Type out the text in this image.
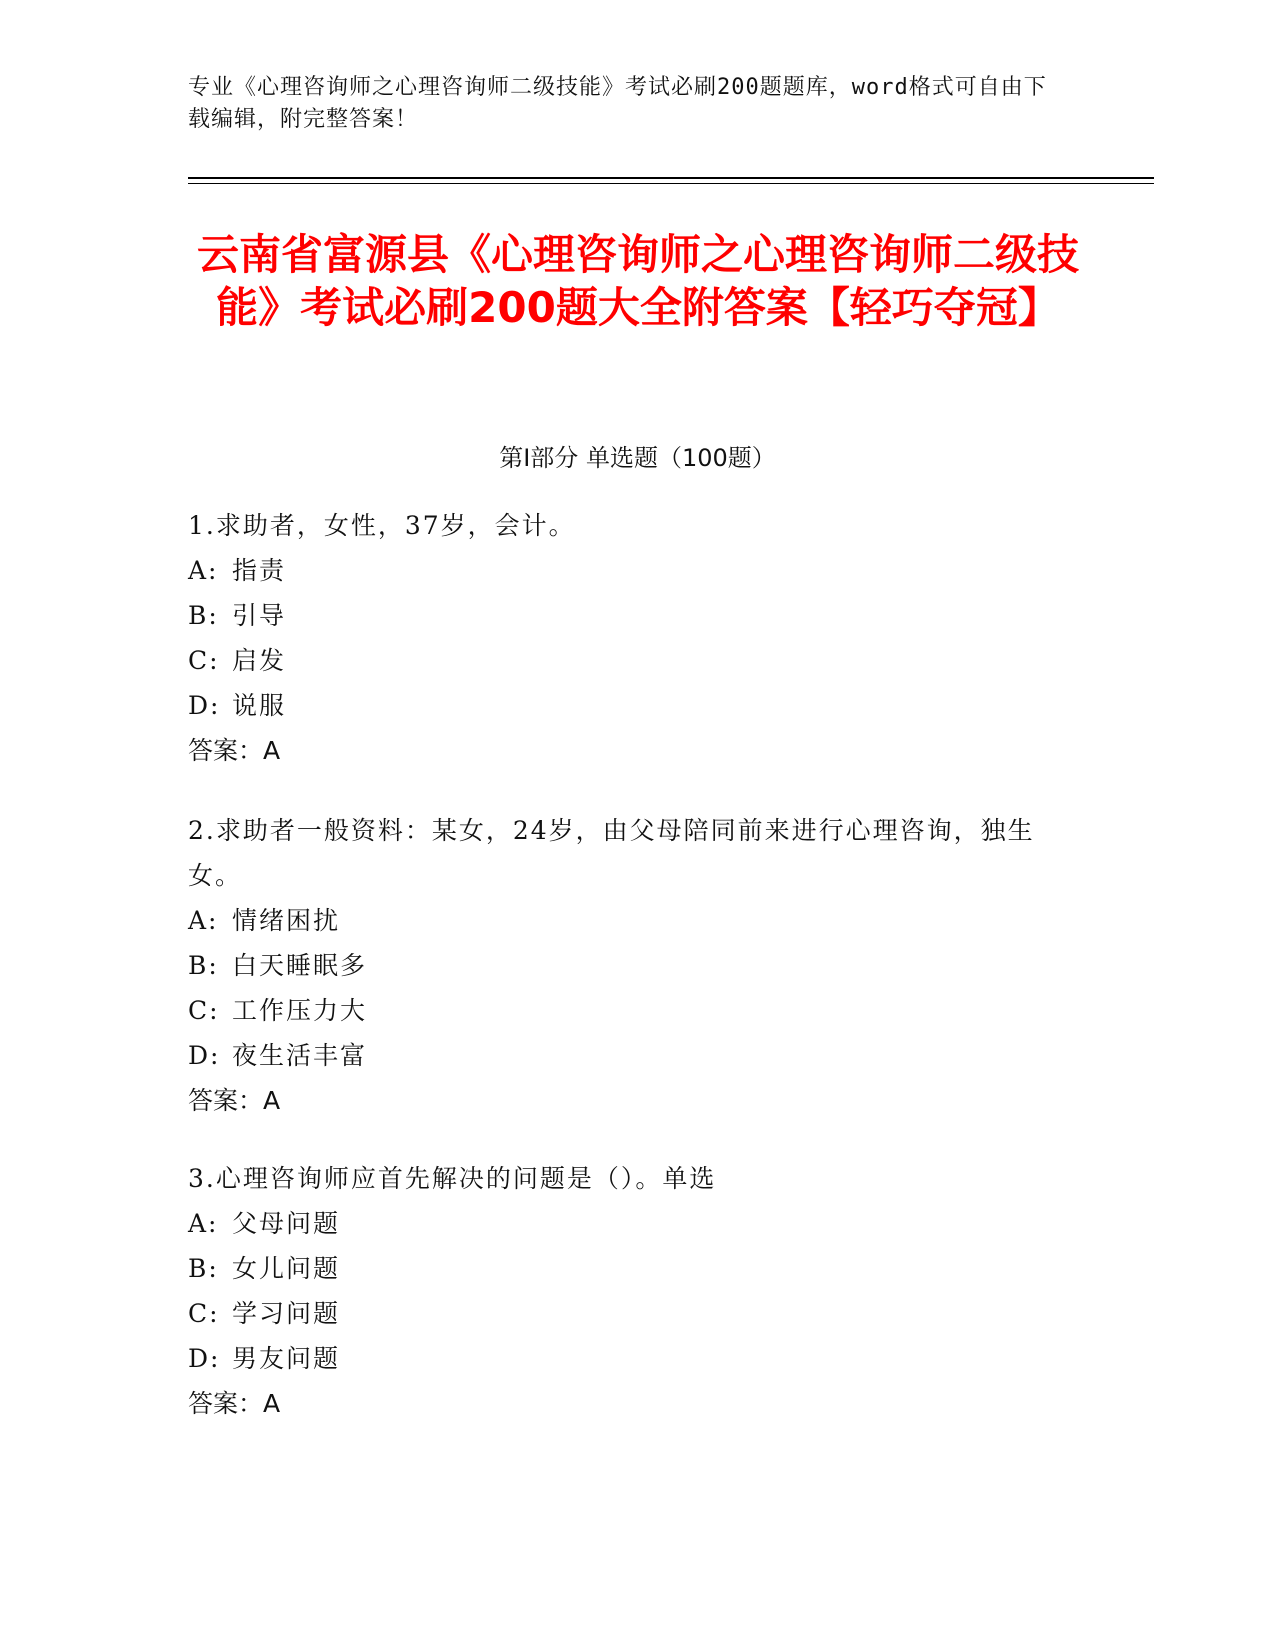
专业《心理咨询师之心理咨询师二级技能》考试必刷200题题库，word格式可自由下载编辑，附完整答案！
云南省富源县《心理咨询师之心理咨询师二级技能》考试必刷200题大全附答案【轻巧夺冠】
第I部分 单选题（100题）
1.求助者，女性，37岁，会计。
A: 指责
B: 引导
C: 启发
D: 说服
答案：A
2.求助者一般资料：某女，24岁，由父母陪同前来进行心理咨询，独生女。
A: 情绪困扰
B: 白天睡眠多
C: 工作压力大
D: 夜生活丰富
答案：A
3.心理咨询师应首先解决的问题是（）。单选
A: 父母问题
B: 女儿问题
C: 学习问题
D: 男友问题
答案：A
